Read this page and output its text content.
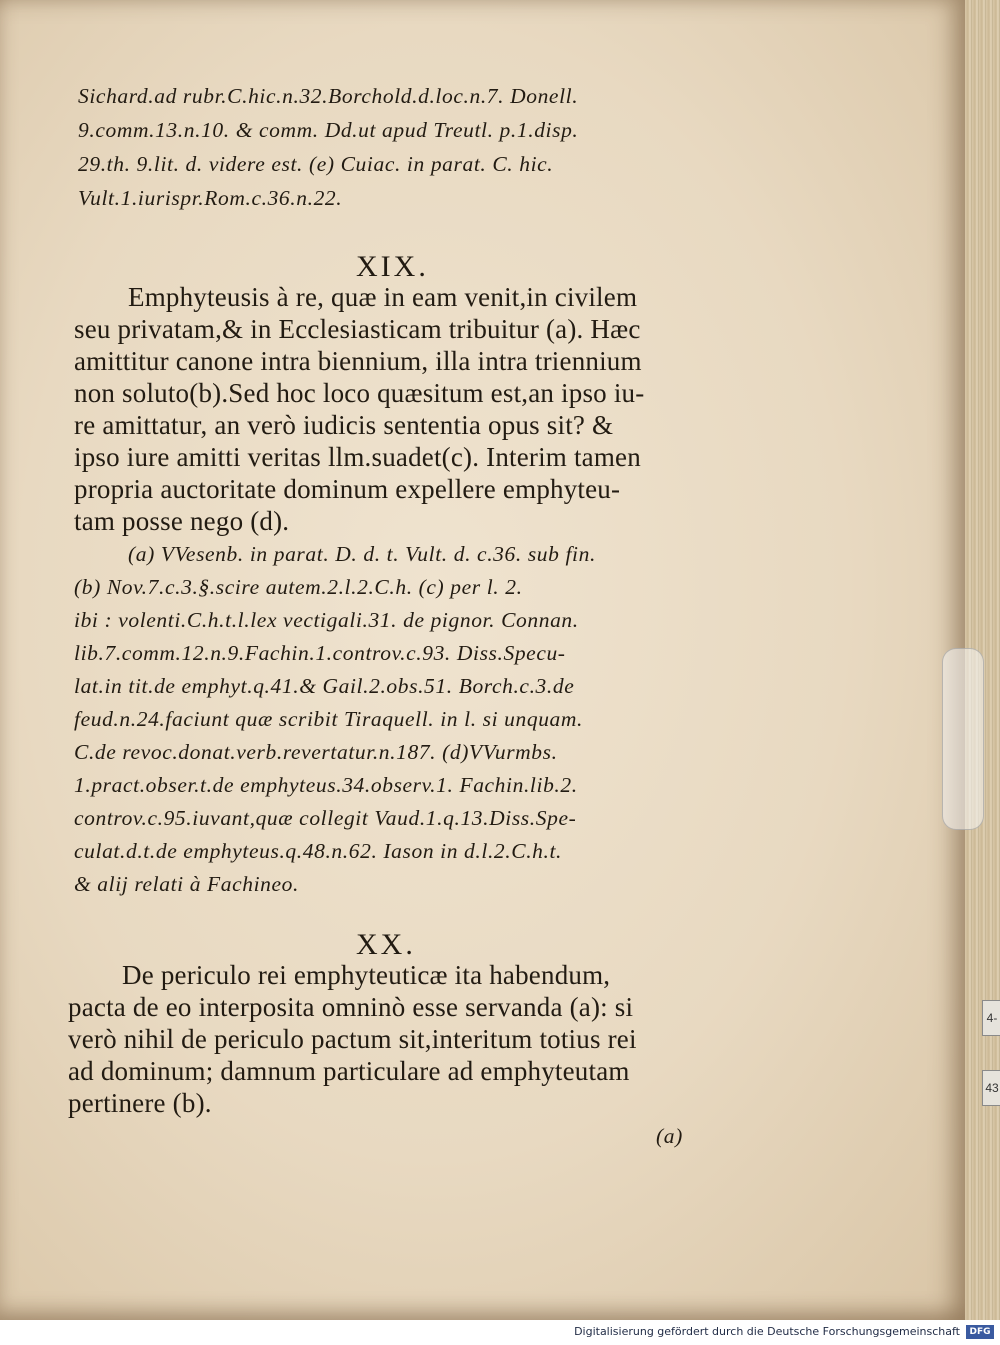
Sichard.ad rubr.C.hic.n.32.Borchold.d.loc.n.7. Donell.
9.comm.13.n.10. & comm. Dd.ut apud Treutl. p.1.disp.
29.th. 9.lit. d. videre est. (e) Cuiac. in parat. C. hic.
Vult.1.iurispr.Rom.c.36.n.22.
XIX.
Emphyteusis à re, quæ in eam venit,in civilem
seu privatam,& in Ecclesiasticam tribuitur (a). Hæc
amittitur canone intra biennium, illa intra triennium
non soluto(b).Sed hoc loco quæsitum est,an ipso iu-
re amittatur, an verò iudicis sententia opus sit? &
ipso iure amitti veritas llm.suadet(c). Interim tamen
propria auctoritate dominum expellere emphyteu-
tam posse nego (d).
(a) VVesenb. in parat. D. d. t. Vult. d. c.36. sub fin.
(b) Nov.7.c.3.§.scire autem.2.l.2.C.h. (c) per l. 2.
ibi : volenti.C.h.t.l.lex vectigali.31. de pignor. Connan.
lib.7.comm.12.n.9.Fachin.1.controv.c.93. Diss.Specu-
lat.in tit.de emphyt.q.41.& Gail.2.obs.51. Borch.c.3.de
feud.n.24.faciunt quæ scribit Tiraquell. in l. si unquam.
C.de revoc.donat.verb.revertatur.n.187. (d)VVurmbs.
1.pract.obser.t.de emphyteus.34.observ.1. Fachin.lib.2.
controv.c.95.iuvant,quæ collegit Vaud.1.q.13.Diss.Spe-
culat.d.t.de emphyteus.q.48.n.62. Iason in d.l.2.C.h.t.
& alij relati à Fachineo.
XX.
De periculo rei emphyteuticæ ita habendum,
pacta de eo interposita omninò esse servanda (a): si
verò nihil de periculo pactum sit,interitum totius rei
ad dominum; damnum particulare ad emphyteutam
pertinere (b).
(a)
4-
43
Digitalisierung gefördert durch die Deutsche Forschungsgemeinschaft	DFG
